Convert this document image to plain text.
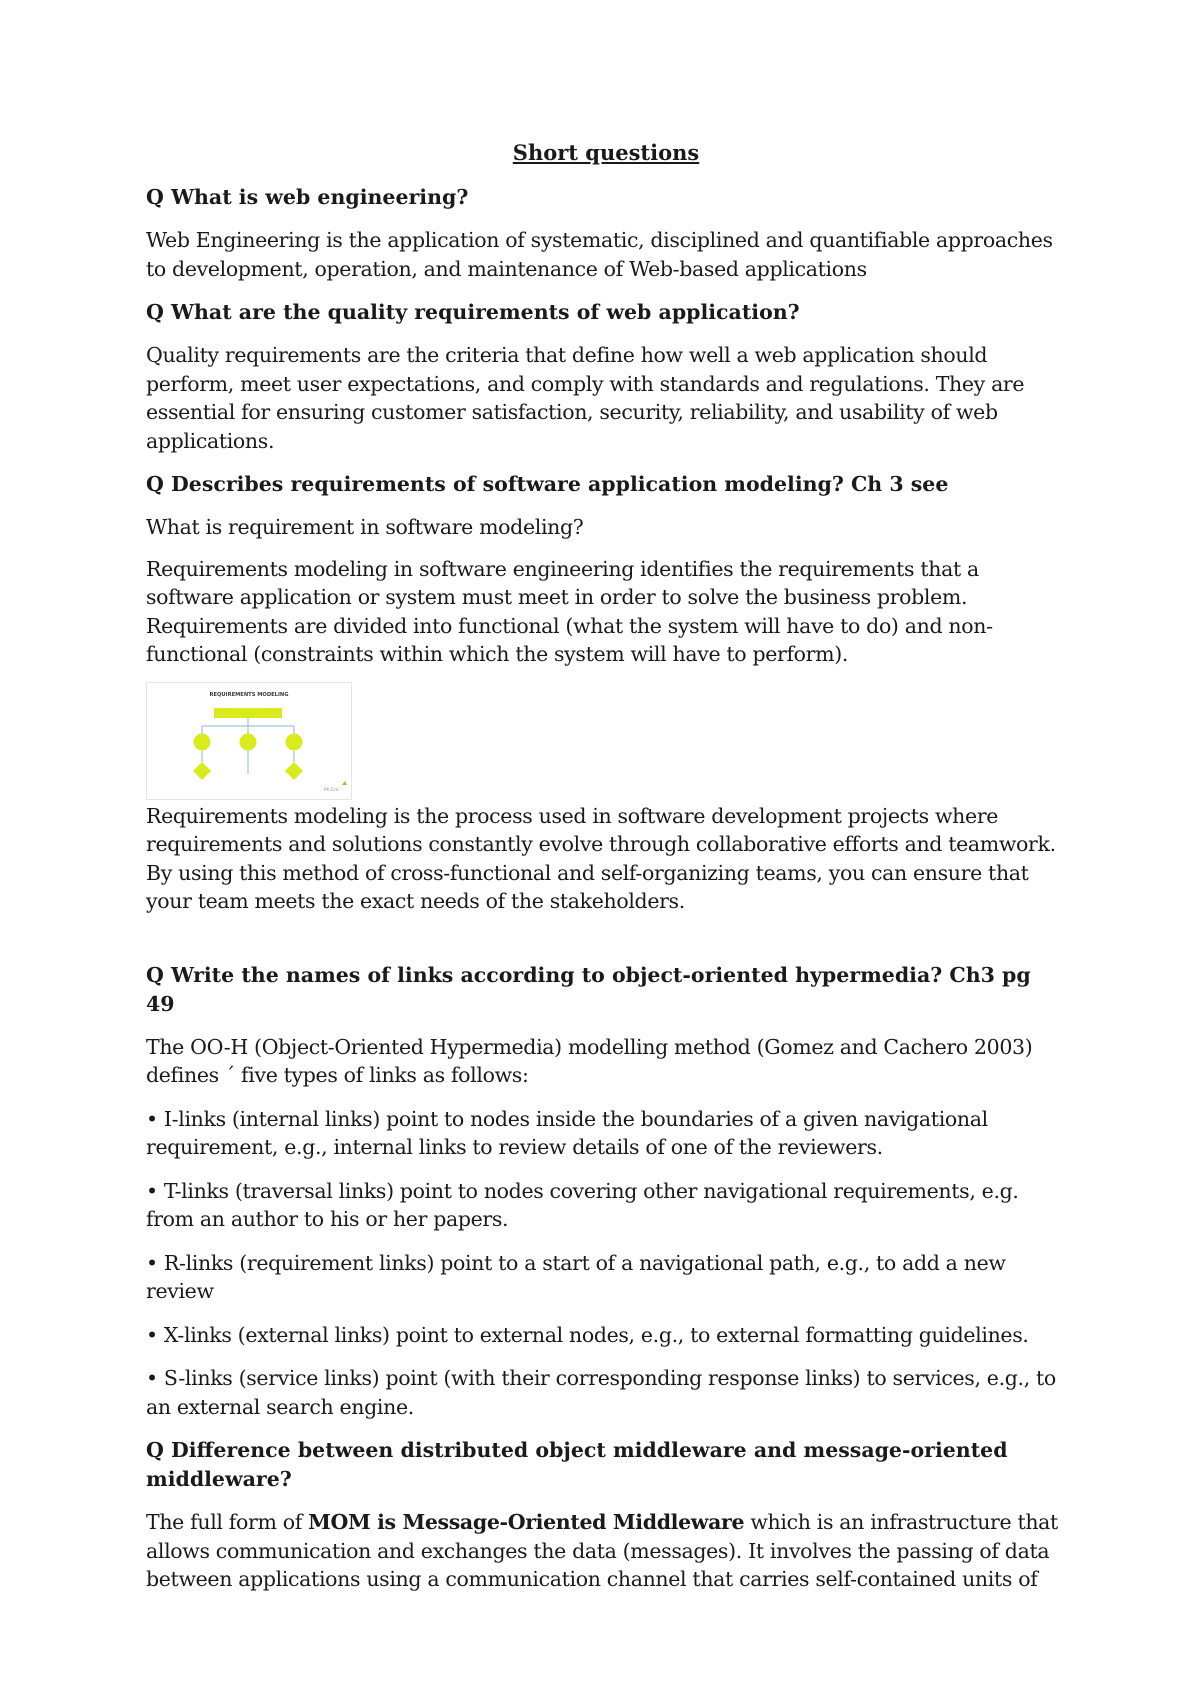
Short questions
Q What is web engineering?

Web Engineering is the application of systematic, disciplined and quantifiable approaches to development, operation, and maintenance of Web-based applications

Q What are the quality requirements of web application?

Quality requirements are the criteria that define how well a web application should perform, meet user expectations, and comply with standards and regulations. They are essential for ensuring customer satisfaction, security, reliability, and usability of web applications.

Q Describes requirements of software application modeling? Ch 3 see

What is requirement in software modeling?

Requirements modeling in software engineering identifies the requirements that a software application or system must meet in order to solve the business problem. Requirements are divided into functional (what the system will have to do) and non-functional (constraints within which the system will have to perform).

REQUIREMENTS MODELING
Ph.Cro

Requirements modeling is the process used in software development projects where requirements and solutions constantly evolve through collaborative efforts and teamwork. By using this method of cross-functional and self-organizing teams, you can ensure that your team meets the exact needs of the stakeholders.

Q Write the names of links according to object-oriented hypermedia? Ch3 pg 49

The OO-H (Object-Oriented Hypermedia) modelling method (Gomez and Cachero 2003) defines ´ five types of links as follows:

• I-links (internal links) point to nodes inside the boundaries of a given navigational requirement, e.g., internal links to review details of one of the reviewers.

• T-links (traversal links) point to nodes covering other navigational requirements, e.g. from an author to his or her papers.

• R-links (requirement links) point to a start of a navigational path, e.g., to add a new review

• X-links (external links) point to external nodes, e.g., to external formatting guidelines.

• S-links (service links) point (with their corresponding response links) to services, e.g., to an external search engine.

Q Difference between distributed object middleware and message-oriented middleware?

The full form of MOM is Message-Oriented Middleware which is an infrastructure that allows communication and exchanges the data (messages). It involves the passing of data between applications using a communication channel that carries self-contained units of
